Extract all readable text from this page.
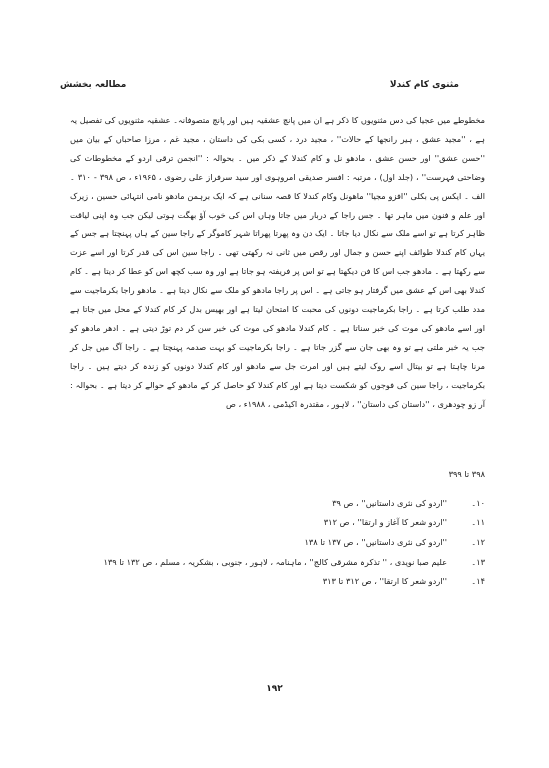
مثنوی کام کندلا
مطالعہ بخشش

مخطوطے میں عجیا کی دس مثنویوں کا ذکر ہے ان میں پانچ عشقیہ ہیں اور پانچ متصوفانہ۔ عشقیہ مثنویوں کی تفصیل یہ ہے ، ''مجید عشق ، ہیر رانجھا کے حالات'' ، مجید درد ، کسی بکی کی داستان ، مجید غم ، مرزا صاحباں کے بیان میں ''حسن عشق'' اور حسن عشق ، مادھو نل و کام کندلا کے ذکر میں ۔ بحوالہ : ''انجمن ترقی اردو کے مخطوطات کی وضاحتی فہرست'' ، (جلد اول) ، مرتبہ : افسر صدیقی امروہوی اور سید سرفراز علی رضوی ، ۱۹۶۵ء ، ص ۳۹۸ - ۳۱۰ ۔ الف ۔ ایکس پی بکلی ''افزو مجیا'' ماھونل وکام کندلا کا قصہ سنانی ہے کہ ایک برہمن مادھو نامی انتہائی حسین ، زیرک اور علم و فنون میں ماہر تھا ۔ جس راجا کے دربار میں جاتا وہاں اس کی خوب آؤ بھگت ہوتی لیکن جب وہ اپنی لیاقت ظاہر کرتا ہے تو اسے ملک سے نکال دیا جاتا ۔ ایک دن وہ پھرتا پھراتا شہر کاموگر کے راجا سین کے ہاں پہنچتا ہے جس کے یہاں کام کندلا طوائف اپنے حسن و جمال اور رقص میں ثانی نہ رکھتی تھی ۔ راجا سین اس کی قدر کرتا اور اسے عزت سے رکھتا ہے ۔ مادھو جب اس کا فن دیکھتا ہے تو اس پر فریفتہ ہو جاتا ہے اور وہ سب کچھ اس کو عطا کر دیتا ہے ۔ کام کندلا بھی اس کے عشق میں گرفتار ہو جاتی ہے ۔ اس پر راجا مادھو کو ملک سے نکال دیتا ہے ۔ مادھو راجا بکرماجیت سے مدد طلب کرتا ہے ۔ راجا بکرماجیت دونوں کی محبت کا امتحان لیتا ہے اور بھیس بدل کر کام کندلا کے محل میں جاتا ہے اور اسے مادھو کی موت کی خبر سناتا ہے ۔ کام کندلا مادھو کی موت کی خبر سن کر دم توڑ دیتی ہے ۔ ادھر مادھو کو جب یہ خبر ملتی ہے تو وہ بھی جان سے گزر جاتا ہے ۔ راجا بکرماجیت کو بہت صدمہ پہنچتا ہے ۔ راجا آگ میں جل کر مرنا چاہتا ہے تو بیتال اسے روک لیتے ہیں اور امرت جل سے مادھو اور کام کندلا دونوں کو زندہ کر دیتے ہیں ۔ راجا بکرماجیت ، راجا سین کی فوجوں کو شکست دیتا ہے اور کام کندلا کو حاصل کر کے مادھو کے حوالے کر دیتا ہے ۔ بحوالہ : آر زو چودھری ، ''داستان کی داستان'' ، لاہور ، مقتدرہ اکیڈمی ، ۱۹۸۸ء ، ص

۳۹۸ تا ۳۹۹
۱۰۔
''اردو کی نثری داستانیں'' ، ص ۳۹
۱۱۔
''اردو شعر کا آغاز و ارتقا'' ، ص ۳۱۲
۱۲۔
''اردو کی نثری داستانیں'' ، ص ۱۳۷ تا ۱۳۸
۱۳۔
علیم صبا نویدی ، '' تذکرہ مشرقی کالج'' ، ماہنامہ ، لاہور ، جنوبی ، بشکریہ ، مسلم ، ص ۱۳۲ تا ۱۳۹
۱۴۔
''اردو شعر کا ارتقا'' ، ص ۳۱۲ تا ۳۱۳
۱۹۲
